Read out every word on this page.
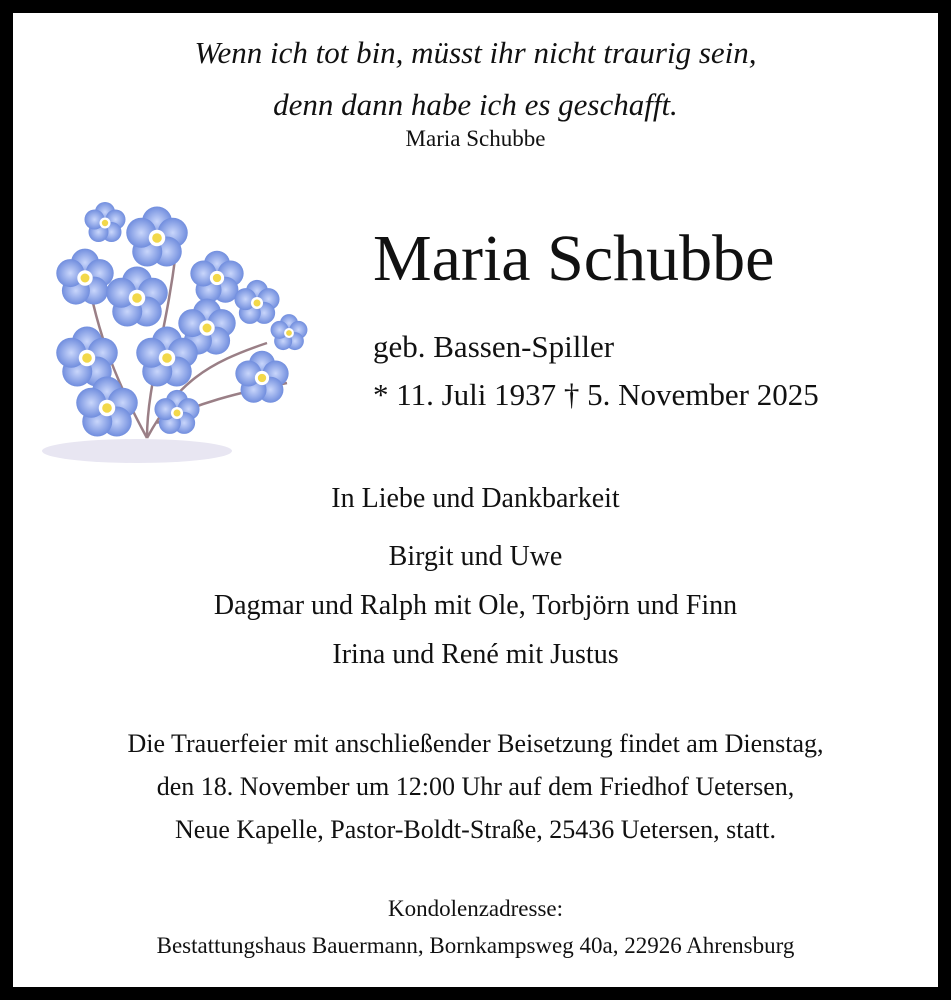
Wenn ich tot bin, müsst ihr nicht traurig sein,
denn dann habe ich es geschafft.
Maria Schubbe
Maria Schubbe
geb. Bassen-Spiller
* 11. Juli 1937 † 5. November 2025
In Liebe und Dankbarkeit
Birgit und Uwe
Dagmar und Ralph mit Ole, Torbjörn und Finn
Irina und René mit Justus
Die Trauerfeier mit anschließender Beisetzung findet am Dienstag,
den 18. November um 12:00 Uhr auf dem Friedhof Uetersen,
Neue Kapelle, Pastor-Boldt-Straße, 25436 Uetersen, statt.
Kondolenzadresse:
Bestattungshaus Bauermann, Bornkampsweg 40a, 22926 Ahrensburg
